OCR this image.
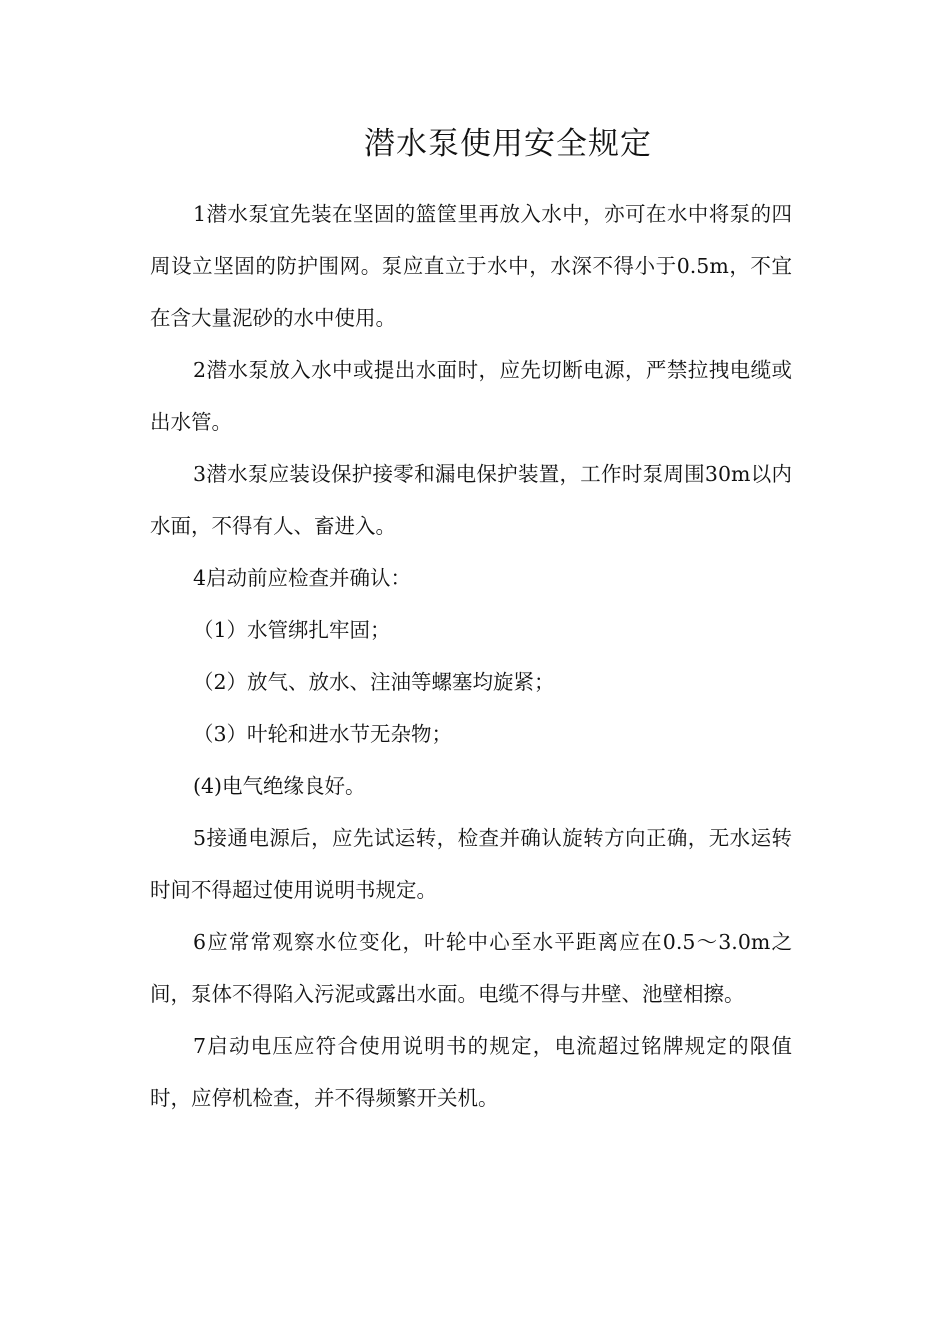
潜水泵使用安全规定

1潜水泵宜先装在坚固的篮筐里再放入水中，亦可在水中将泵的四周设立坚固的防护围网。泵应直立于水中，水深不得小于0.5m，不宜在含大量泥砂的水中使用。

2潜水泵放入水中或提出水面时，应先切断电源，严禁拉拽电缆或出水管。

3潜水泵应装设保护接零和漏电保护装置，工作时泵周围30m以内水面，不得有人、畜进入。

4启动前应检查并确认：

（1）水管绑扎牢固；

（2）放气、放水、注油等螺塞均旋紧；

（3）叶轮和进水节无杂物；

(4)电气绝缘良好。

5接通电源后，应先试运转，检查并确认旋转方向正确，无水运转时间不得超过使用说明书规定。

6应常常观察水位变化，叶轮中心至水平距离应在0.5～3.0m之间，泵体不得陷入污泥或露出水面。电缆不得与井壁、池壁相擦。

7启动电压应符合使用说明书的规定，电流超过铭牌规定的限值时，应停机检查，并不得频繁开关机。
